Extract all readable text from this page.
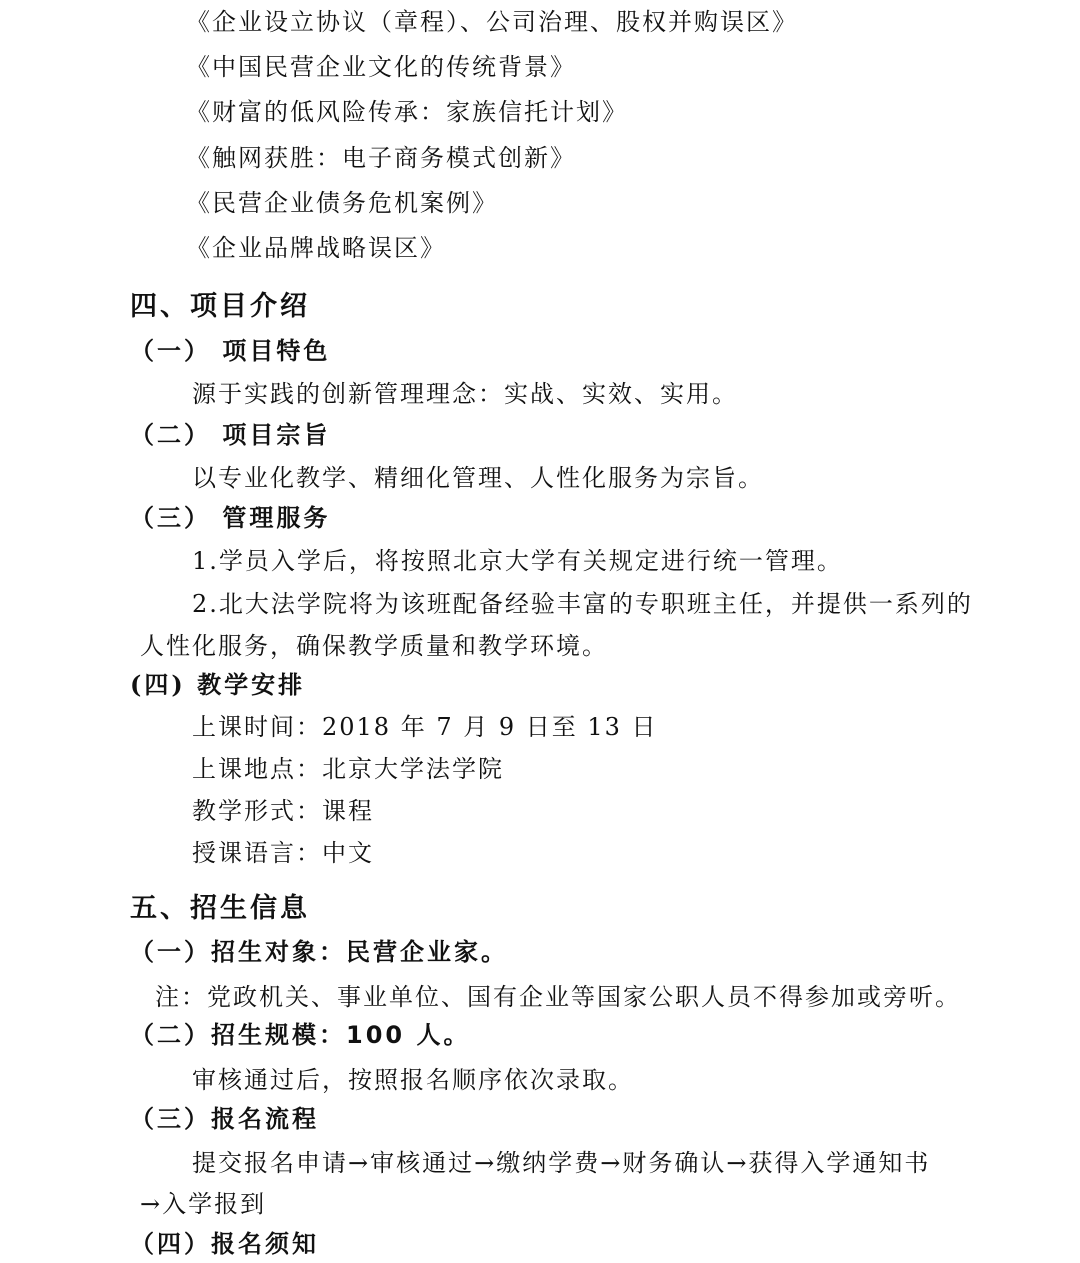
《企业设立协议（章程）、公司治理、股权并购误区》

《中国民营企业文化的传统背景》

《财富的低风险传承：家族信托计划》

《触网获胜：电子商务模式创新》

《民营企业债务危机案例》

《企业品牌战略误区》

四、项目介绍

（一） 项目特色

源于实践的创新管理理念：实战、实效、实用。

（二） 项目宗旨

以专业化教学、精细化管理、人性化服务为宗旨。

（三） 管理服务

1.学员入学后，将按照北京大学有关规定进行统一管理。

2.北大法学院将为该班配备经验丰富的专职班主任，并提供一系列的

人性化服务，确保教学质量和教学环境。

(四) 教学安排

上课时间：2018 年 7 月 9 日至 13 日

上课地点：北京大学法学院

教学形式：课程

授课语言：中文

五、招生信息

（一）招生对象：民营企业家。

注：党政机关、事业单位、国有企业等国家公职人员不得参加或旁听。

（二）招生规模：100 人。

审核通过后，按照报名顺序依次录取。

（三）报名流程

提交报名申请→审核通过→缴纳学费→财务确认→获得入学通知书

→入学报到

（四）报名须知
